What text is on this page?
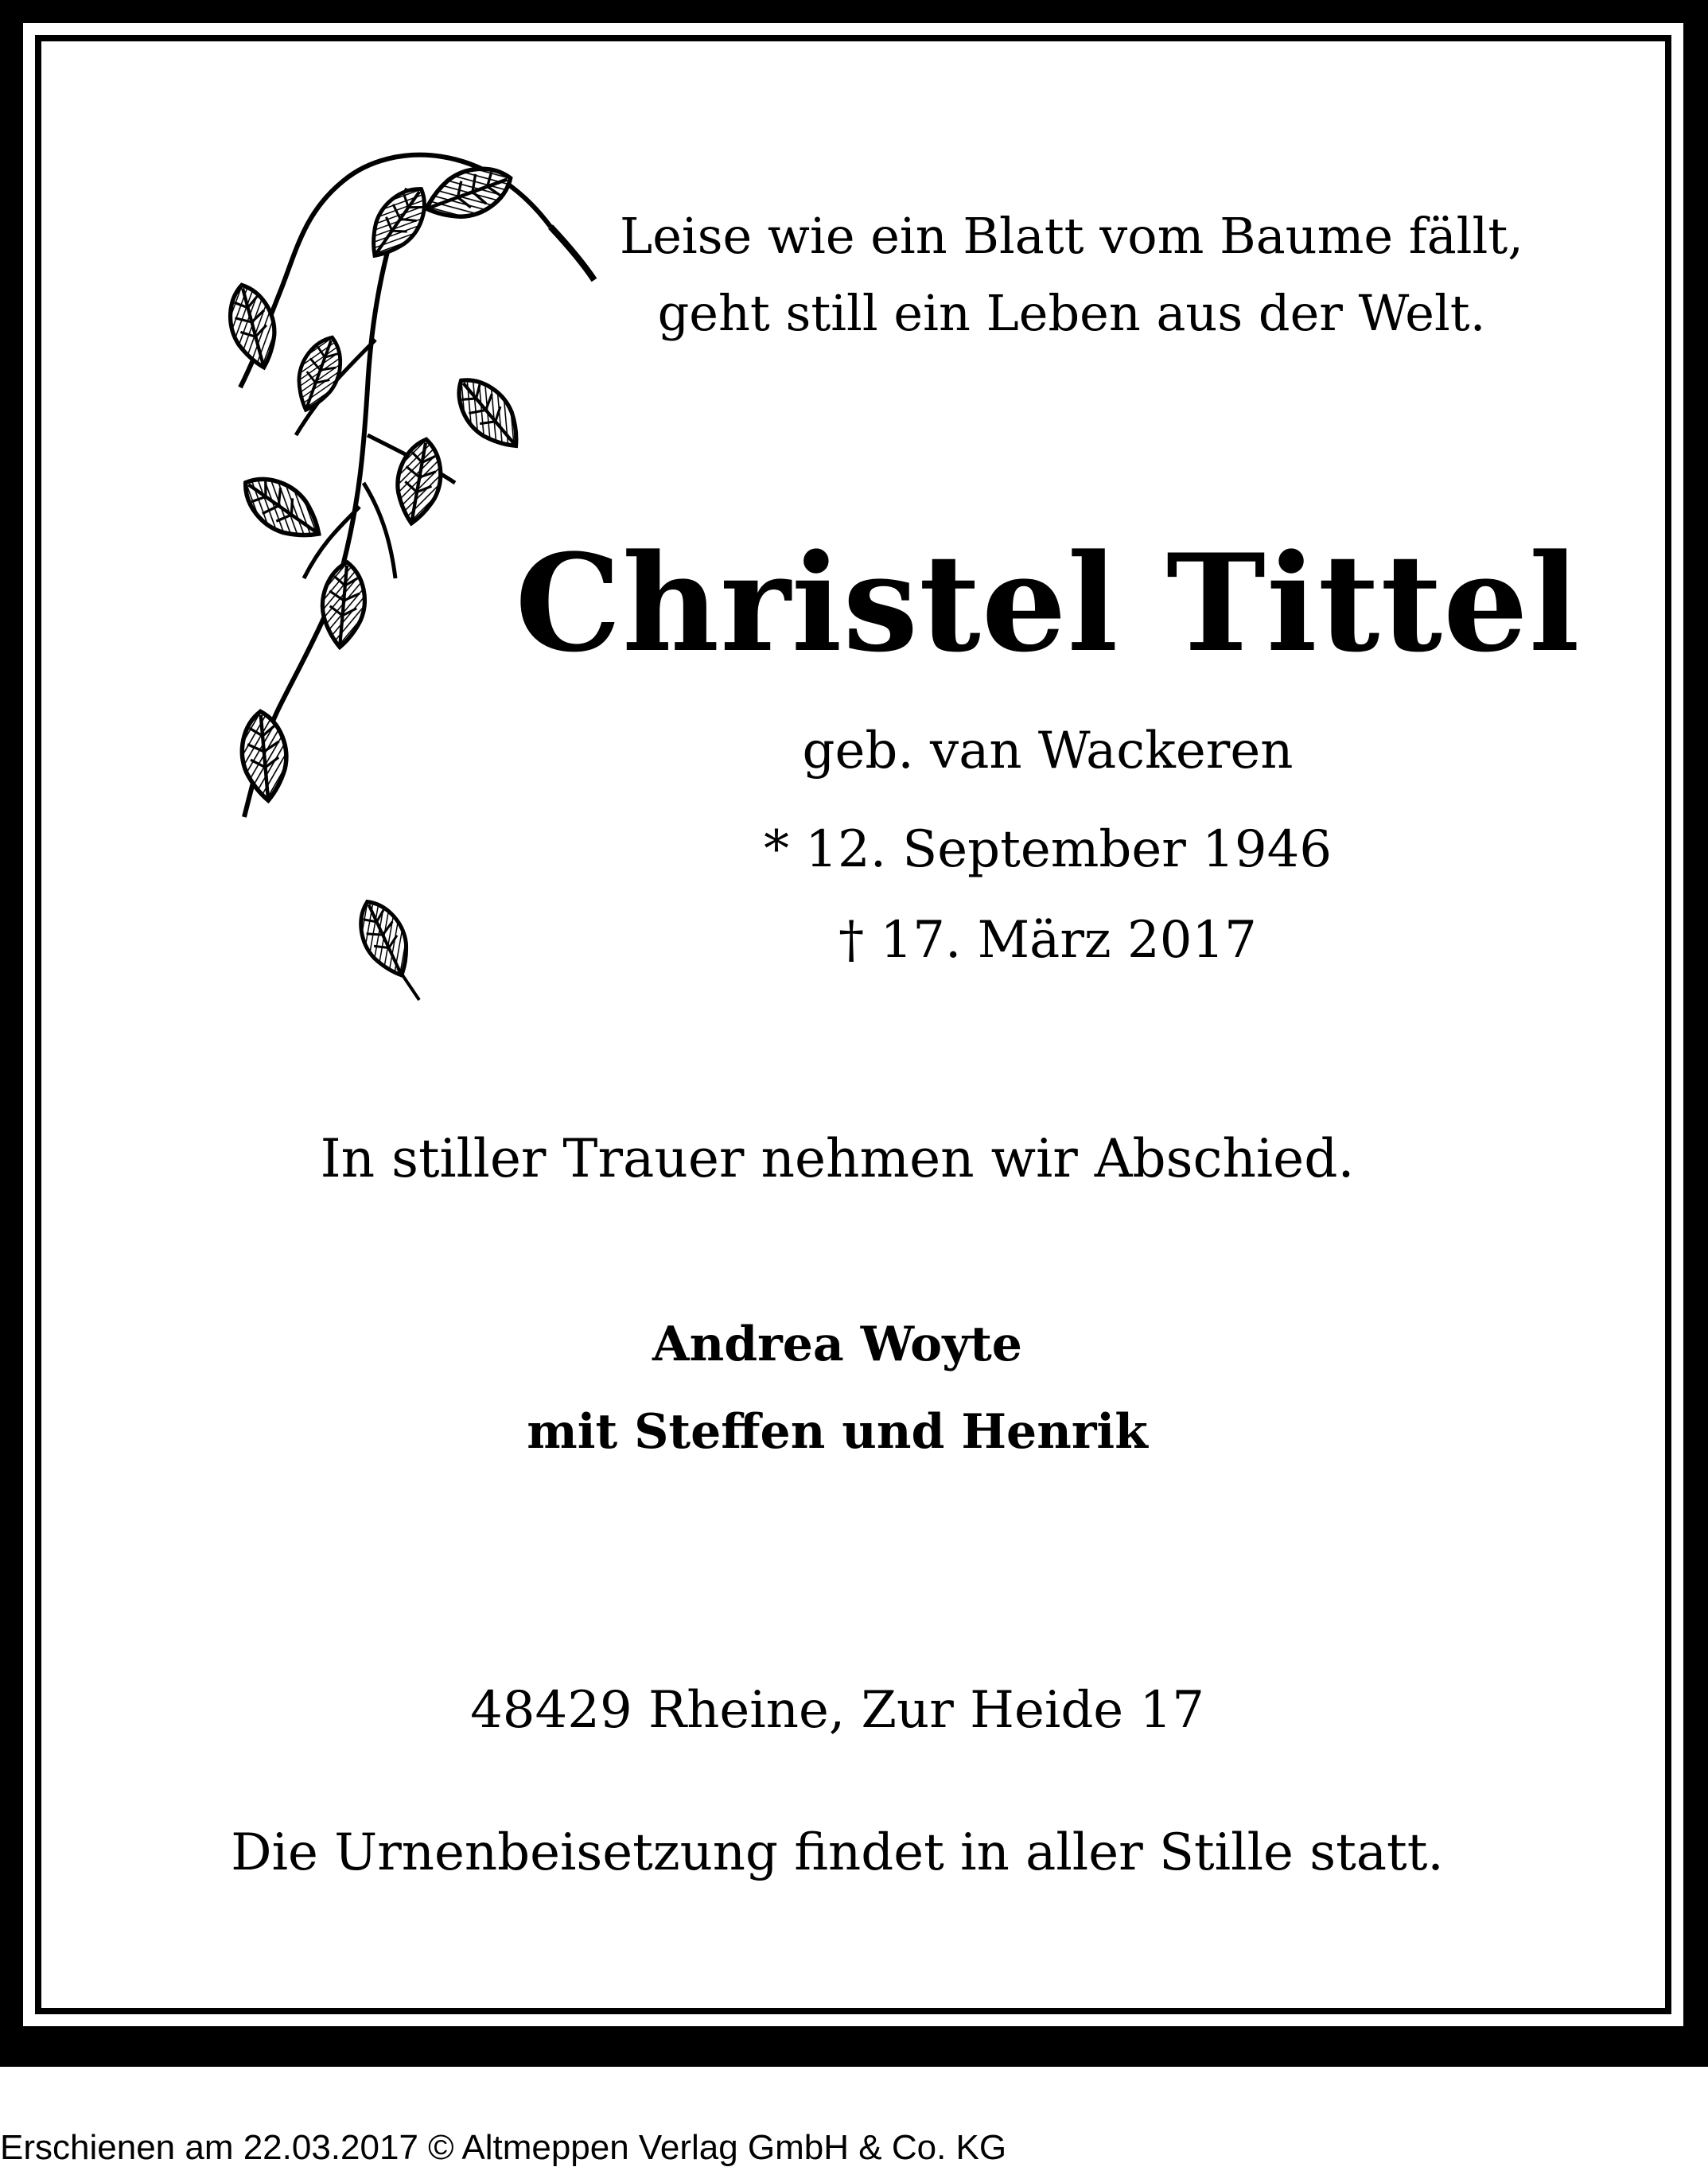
Leise wie ein Blatt vom Baume fällt,
geht still ein Leben aus der Welt.
Christel Tittel
geb. van Wackeren
* 12. September 1946
† 17. März 2017
In stiller Trauer nehmen wir Abschied.
Andrea Woyte
mit Steffen und Henrik
48429 Rheine, Zur Heide 17
Die Urnenbeisetzung findet in aller Stille statt.
Erschienen am 22.03.2017 © Altmeppen Verlag GmbH & Co. KG
